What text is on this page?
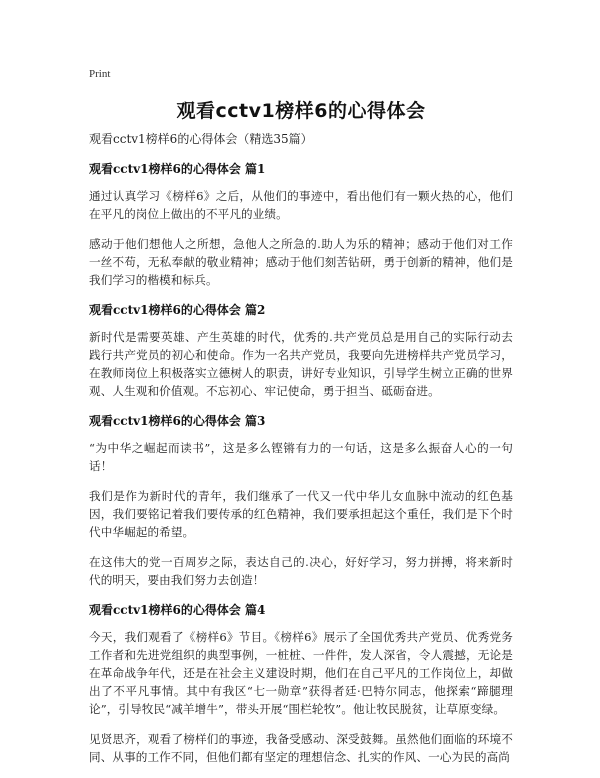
Print
观看cctv1榜样6的心得体会

观看cctv1榜样6的心得体会（精选35篇）

观看cctv1榜样6的心得体会 篇1

通过认真学习《榜样6》之后，从他们的事迹中，看出他们有一颗火热的心，他们在平凡的岗位上做出的不平凡的业绩。

感动于他们想他人之所想，急他人之所急的.助人为乐的精神；感动于他们对工作一丝不苟，无私奉献的敬业精神；感动于他们刻苦钻研，勇于创新的精神，他们是我们学习的楷模和标兵。

观看cctv1榜样6的心得体会 篇2

新时代是需要英雄、产生英雄的时代，优秀的.共产党员总是用自己的实际行动去践行共产党员的初心和使命。作为一名共产党员，我要向先进榜样共产党员学习，在教师岗位上积极落实立德树人的职责，讲好专业知识，引导学生树立正确的世界观、人生观和价值观。不忘初心、牢记使命，勇于担当、砥砺奋进。

观看cctv1榜样6的心得体会 篇3

“为中华之崛起而读书”，这是多么铿锵有力的一句话，这是多么振奋人心的一句话！

我们是作为新时代的青年，我们继承了一代又一代中华儿女血脉中流动的红色基因，我们要铭记着我们要传承的红色精神，我们要承担起这个重任，我们是下个时代中华崛起的希望。

在这伟大的党一百周岁之际，表达自己的.决心，好好学习，努力拼搏，将来新时代的明天，要由我们努力去创造！

观看cctv1榜样6的心得体会 篇4

今天，我们观看了《榜样6》节目。《榜样6》展示了全国优秀共产党员、优秀党务工作者和先进党组织的典型事例，一桩桩、一件件，发人深省，令人震撼，无论是在革命战争年代，还是在社会主义建设时期，他们在自己平凡的工作岗位上，却做出了不平凡事情。其中有我区“七一勋章”获得者廷·巴特尔同志，他探索“蹄腿理论”，引导牧民“减羊增牛”，带头开展“围栏轮牧”。他让牧民脱贫，让草原变绿。

见贤思齐，观看了榜样们的事迹，我备受感动、深受鼓舞。虽然他们面临的环境不同、从事的工作不同，但他们都有坚定的理想信念、扎实的作风、一心为民的高尚
